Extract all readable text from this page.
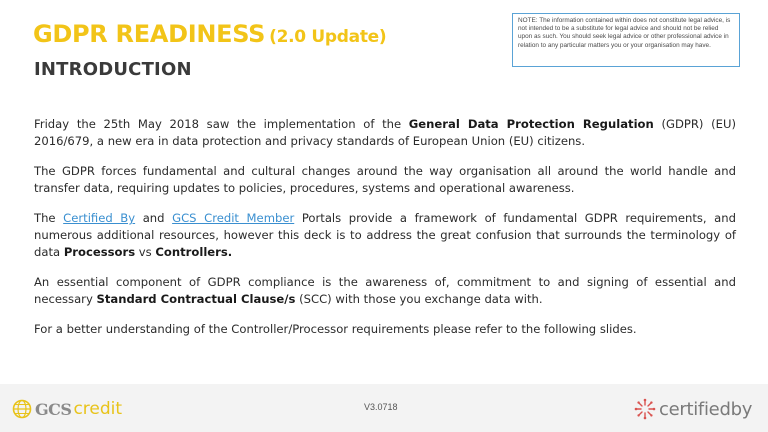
GDPR READINESS (2.0 Update)
INTRODUCTION
NOTE: The information contained within does not constitute legal advice, is not intended to be a substitute for legal advice and should not be relied upon as such. You should seek legal advice or other professional advice in relation to any particular matters you or your organisation may have.

Friday the 25th May 2018 saw the implementation of the General Data Protection Regulation (GDPR) (EU) 2016/679, a new era in data protection and privacy standards of European Union (EU) citizens.

The GDPR forces fundamental and cultural changes around the way organisation all around the world handle and transfer data, requiring updates to policies, procedures, systems and operational awareness.

The Certified By and GCS Credit Member Portals provide a framework of fundamental GDPR requirements, and numerous additional resources, however this deck is to address the great confusion that surrounds the terminology of data Processors vs Controllers.

An essential component of GDPR compliance is the awareness of, commitment to and signing of essential and necessary Standard Contractual Clause/s (SCC) with those you exchange data with.

For a better understanding of the Controller/Processor requirements please refer to the following slides.

GCS credit	V3.0718	certifiedby
